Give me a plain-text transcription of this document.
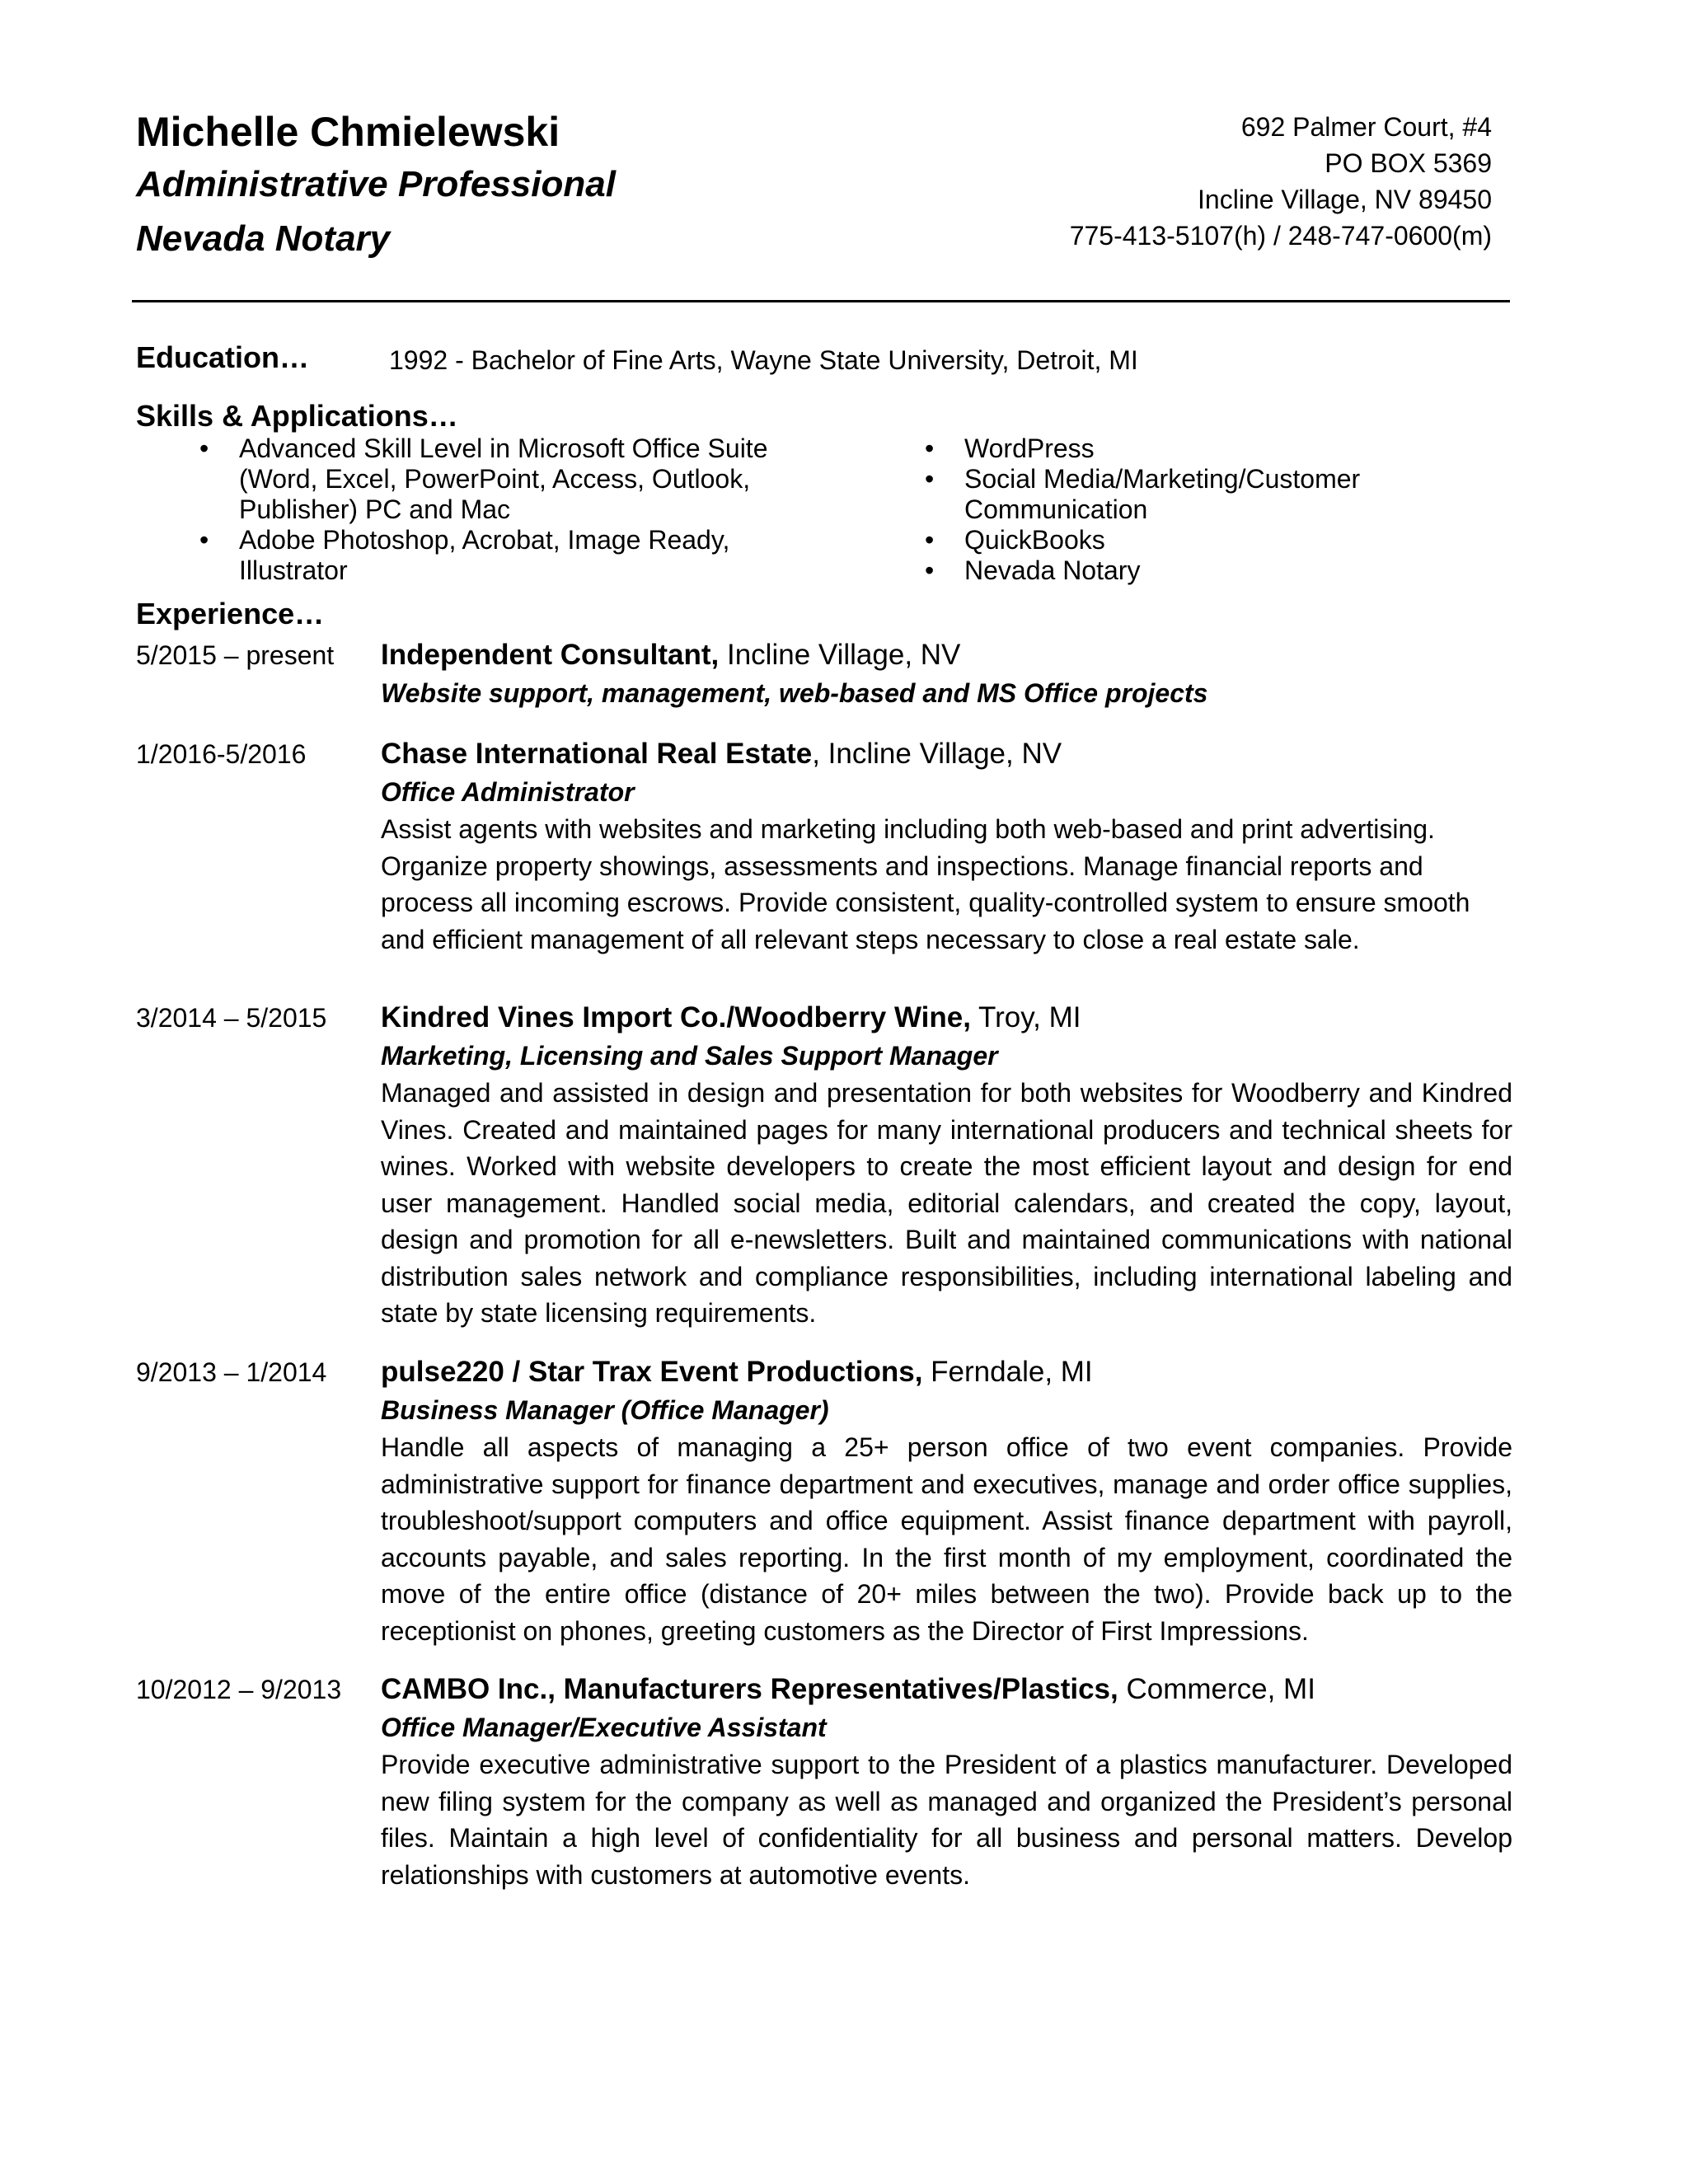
Michelle Chmielewski
Administrative Professional
Nevada Notary
692 Palmer Court, #4
PO BOX 5369
Incline Village, NV 89450
775-413-5107(h) / 248-747-0600(m)
Education…	1992 - Bachelor of Fine Arts, Wayne State University, Detroit, MI
Skills & Applications…
• Advanced Skill Level in Microsoft Office Suite (Word, Excel, PowerPoint, Access, Outlook, Publisher) PC and Mac
• Adobe Photoshop, Acrobat, Image Ready, Illustrator
• WordPress
• Social Media/Marketing/Customer Communication
• QuickBooks
• Nevada Notary
Experience…
5/2015 – present Independent Consultant, Incline Village, NV
Website support, management, web-based and MS Office projects
1/2016-5/2016	Chase International Real Estate, Incline Village, NV
Office Administrator

Assist agents with websites and marketing including both web-based and print advertising. Organize property showings, assessments and inspections. Manage financial reports and process all incoming escrows. Provide consistent, quality-controlled system to ensure smooth and efficient management of all relevant steps necessary to close a real estate sale.

3/2014 – 5/2015 Kindred Vines Import Co./Woodberry Wine, Troy, MI
Marketing, Licensing and Sales Support Manager

Managed and assisted in design and presentation for both websites for Woodberry and Kindred Vines. Created and maintained pages for many international producers and technical sheets for wines. Worked with website developers to create the most efficient layout and design for end user management. Handled social media, editorial calendars, and created the copy, layout, design and promotion for all e-newsletters. Built and maintained communications with national distribution sales network and compliance responsibilities, including international labeling and state by state licensing requirements.

9/2013 – 1/2014 pulse220 / Star Trax Event Productions, Ferndale, MI
Business Manager (Office Manager)

Handle all aspects of managing a 25+ person office of two event companies. Provide administrative support for finance department and executives, manage and order office supplies, troubleshoot/support computers and office equipment. Assist finance department with payroll, accounts payable, and sales reporting. In the first month of my employment, coordinated the move of the entire office (distance of 20+ miles between the two). Provide back up to the receptionist on phones, greeting customers as the Director of First Impressions.

10/2012 – 9/2013 CAMBO Inc., Manufacturers Representatives/Plastics, Commerce, MI
Office Manager/Executive Assistant

Provide executive administrative support to the President of a plastics manufacturer. Developed new filing system for the company as well as managed and organized the President’s personal files. Maintain a high level of confidentiality for all business and personal matters. Develop relationships with customers at automotive events.
